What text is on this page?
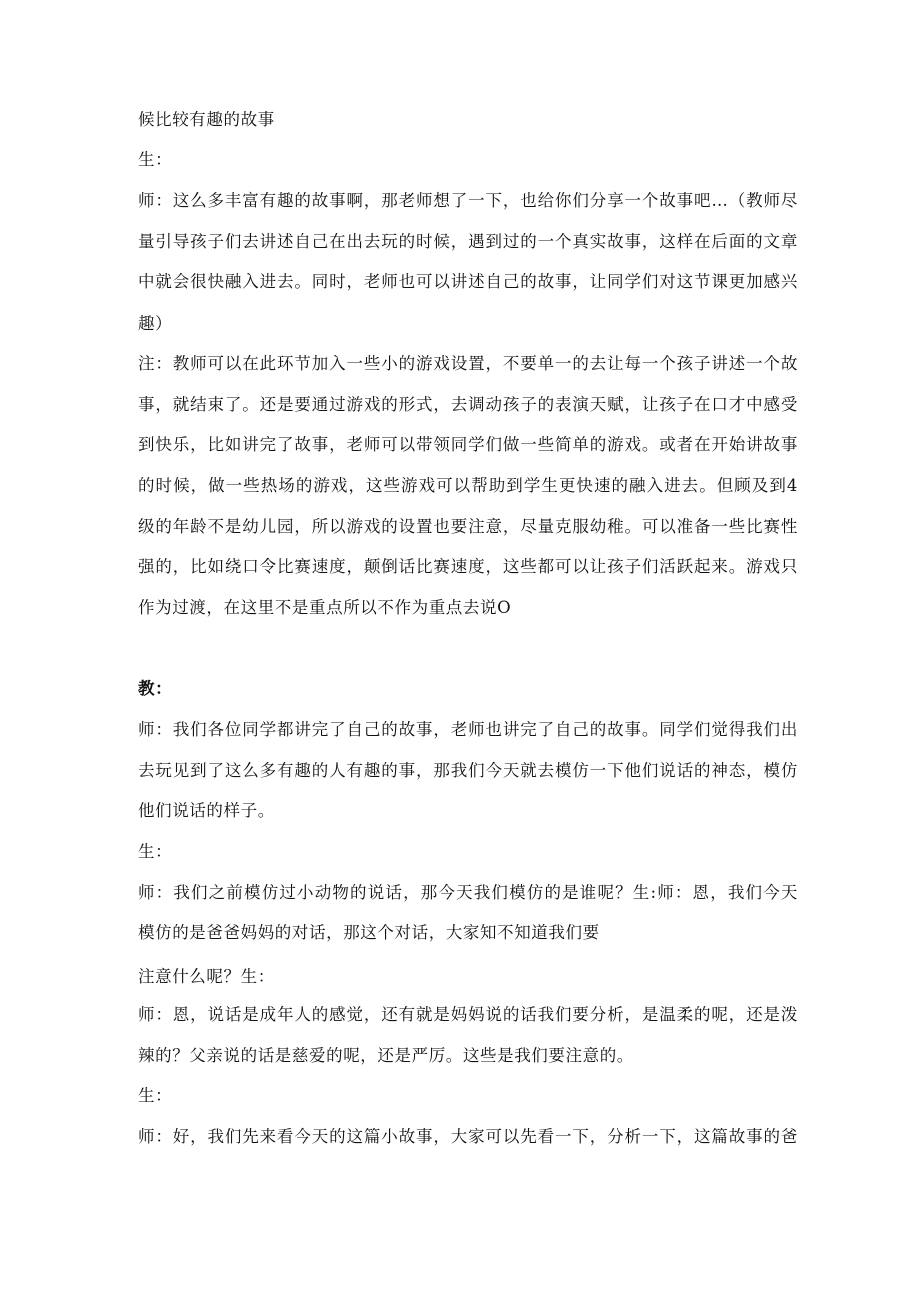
候比较有趣的故事
生：
师：这么多丰富有趣的故事啊，那老师想了一下，也给你们分享一个故事吧…（教师尽
量引导孩子们去讲述自己在出去玩的时候，遇到过的一个真实故事，这样在后面的文章
中就会很快融入进去。同时，老师也可以讲述自己的故事，让同学们对这节课更加感兴
趣）
注：教师可以在此环节加入一些小的游戏设置，不要单一的去让每一个孩子讲述一个故
事，就结束了。还是要通过游戏的形式，去调动孩子的表演天赋，让孩子在口才中感受
到快乐，比如讲完了故事，老师可以带领同学们做一些简单的游戏。或者在开始讲故事
的时候，做一些热场的游戏，这些游戏可以帮助到学生更快速的融入进去。但顾及到4
级的年龄不是幼儿园，所以游戏的设置也要注意，尽量克服幼稚。可以准备一些比赛性
强的，比如绕口令比赛速度，颠倒话比赛速度，这些都可以让孩子们活跃起来。游戏只
作为过渡，在这里不是重点所以不作为重点去说O
教：
师：我们各位同学都讲完了自己的故事，老师也讲完了自己的故事。同学们觉得我们出
去玩见到了这么多有趣的人有趣的事，那我们今天就去模仿一下他们说话的神态，模仿
他们说话的样子。
生：
师：我们之前模仿过小动物的说话，那今天我们模仿的是谁呢？生:师：恩，我们今天
模仿的是爸爸妈妈的对话，那这个对话，大家知不知道我们要
注意什么呢？生：
师：恩，说话是成年人的感觉，还有就是妈妈说的话我们要分析，是温柔的呢，还是泼
辣的？父亲说的话是慈爱的呢，还是严厉。这些是我们要注意的。
生：
师：好，我们先来看今天的这篇小故事，大家可以先看一下，分析一下，这篇故事的爸
